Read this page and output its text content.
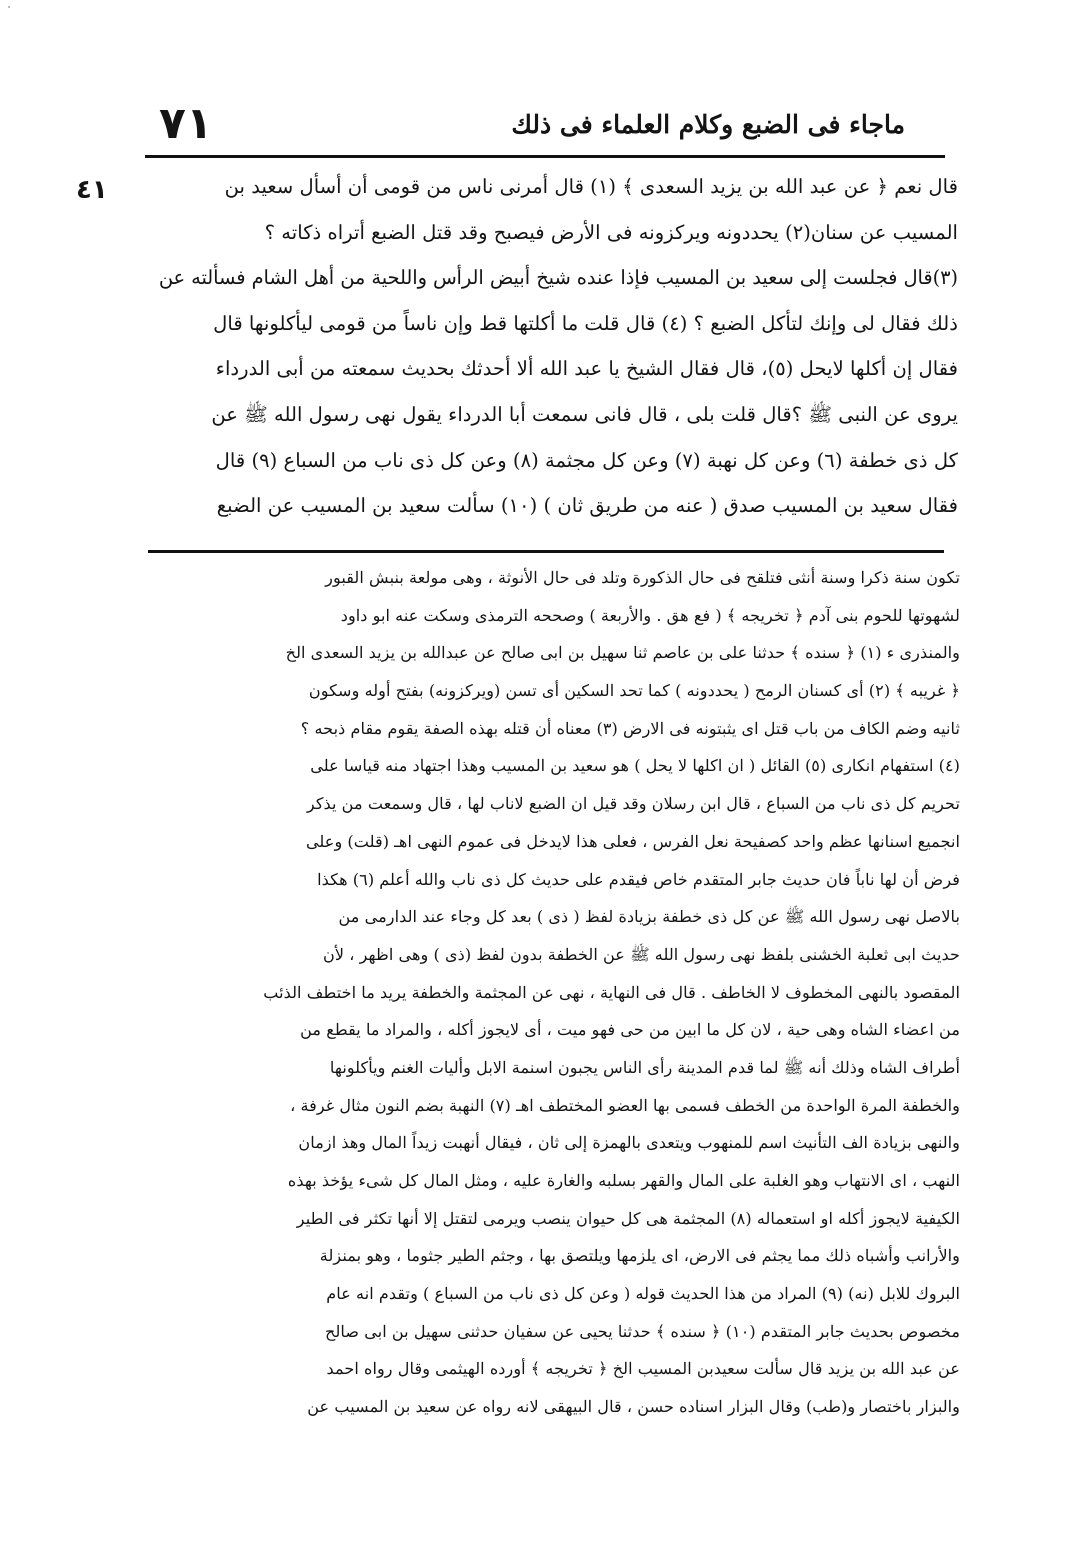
٧١	ماجاء فى الضبع وكلام العلماء فى ذلك
٤١	قال نعم ﴿ عن عبد الله بن يزيد السعدى ﴾ (١) قال أمرنى ناس من قومى أن أسأل سعيد بن
المسيب عن سنان(٢) يحددونه ويركزونه فى الأرض فيصبح وقد قتل الضبع أتراه ذكاته ؟
(٣)قال فجلست إلى سعيد بن المسيب فإذا عنده شيخ أبيض الرأس واللحية من أهل الشام فسألته عن
ذلك فقال لى وإنك لتأكل الضبع ؟ (٤) قال قلت ما أكلتها قط وإن ناساً من قومى ليأكلونها قال
فقال إن أكلها لايحل (٥)، قال فقال الشيخ يا عبد الله ألا أحدثك بحديث سمعته من أبى الدرداء
يروى عن النبى ﷺ ؟قال قلت بلى ، قال فانى سمعت أبا الدرداء يقول نهى رسول الله ﷺ عن
كل ذى خطفة (٦) وعن كل نهبة (٧) وعن كل مجثمة (٨) وعن كل ذى ناب من السباع (٩) قال
فقال سعيد بن المسيب صدق ( عنه من طريق ثان ) (١٠) سألت سعيد بن المسيب عن الضبع
تكون سنة ذكرا وسنة أنثى فتلقح فى حال الذكورة وتلد فى حال الأنوثة ، وهى مولعة بنبش القبور
لشهوتها للحوم بنى آدم ﴿ تخريجه ﴾ ( فع هق . والأربعة ) وصححه الترمذى وسكت عنه ابو داود
والمنذرى ء (١) ﴿ سنده ﴾ حدثنا على بن عاصم ثنا سهيل بن ابى صالح عن عبدالله بن يزيد السعدى الخ
﴿ غريبه ﴾ (٢) أى كسنان الرمح ( يحددونه ) كما تحد السكين أى تسن (ويركزونه) بفتح أوله وسكون
ثانيه وضم الكاف من باب قتل اى يثبتونه فى الارض (٣) معناه أن قتله بهذه الصفة يقوم مقام ذبحه ؟
(٤) استفهام انكارى (٥) القائل ( ان اكلها لا يحل ) هو سعيد بن المسيب وهذا اجتهاد منه قياسا على
تحريم كل ذى ناب من السباع ، قال ابن رسلان وقد قيل ان الضبع لاناب لها ، قال وسمعت من يذكر
انجميع اسنانها عظم واحد كصفيحة نعل الفرس ، فعلى هذا لايدخل فى عموم النهى اهـ (قلت) وعلى
فرض أن لها ناباً فان حديث جابر المتقدم خاص فيقدم على حديث كل ذى ناب والله أعلم (٦) هكذا
بالاصل نهى رسول الله ﷺ عن كل ذى خطفة بزيادة لفظ ( ذى ) بعد كل وجاء عند الدارمى من
حديث ابى ثعلبة الخشنى بلفظ نهى رسول الله ﷺ عن الخطفة بدون لفظ (ذى ) وهى اظهر ، لأن
المقصود بالنهى المخطوف لا الخاطف . قال فى النهاية ، نهى عن المجثمة والخطفة يريد ما اختطف الذئب
من اعضاء الشاه وهى حية ، لان كل ما ابين من حى فهو ميت ، أى لايجوز أكله ، والمراد ما يقطع من
أطراف الشاه وذلك أنه ﷺ لما قدم المدينة رأى الناس يجبون اسنمة الابل وأليات الغنم ويأكلونها
والخطفة المرة الواحدة من الخطف فسمى بها العضو المختطف اهـ (٧) النهبة بضم النون مثال غرفة ،
والنهى بزيادة الف التأنيث اسم للمنهوب ويتعدى بالهمزة إلى ثان ، فيقال أنهبت زيداً المال وهذ ازمان
النهب ، اى الانتهاب وهو الغلبة على المال والقهر بسلبه والغارة عليه ، ومثل المال كل شىء يؤخذ بهذه
الكيفية لايجوز أكله او استعماله (٨) المجثمة هى كل حيوان ينصب ويرمى لتقتل إلا أنها تكثر فى الطير
والأرانب وأشباه ذلك مما يجثم فى الارض، اى يلزمها ويلتصق بها ، وجثم الطير جثوما ، وهو بمنزلة
البروك للابل (نه) (٩) المراد من هذا الحديث قوله ( وعن كل ذى ناب من السباع ) وتقدم انه عام
مخصوص بحديث جابر المتقدم (١٠) ﴿ سنده ﴾ حدثنا يحيى عن سفيان حدثنى سهيل بن ابى صالح
عن عبد الله بن يزيد قال سألت سعيدبن المسيب الخ ﴿ تخريجه ﴾ أورده الهيثمى وقال رواه احمد
والبزار باختصار و(طب) وقال البزار اسناده حسن ، قال البيهقى لانه رواه عن سعيد بن المسيب عن
